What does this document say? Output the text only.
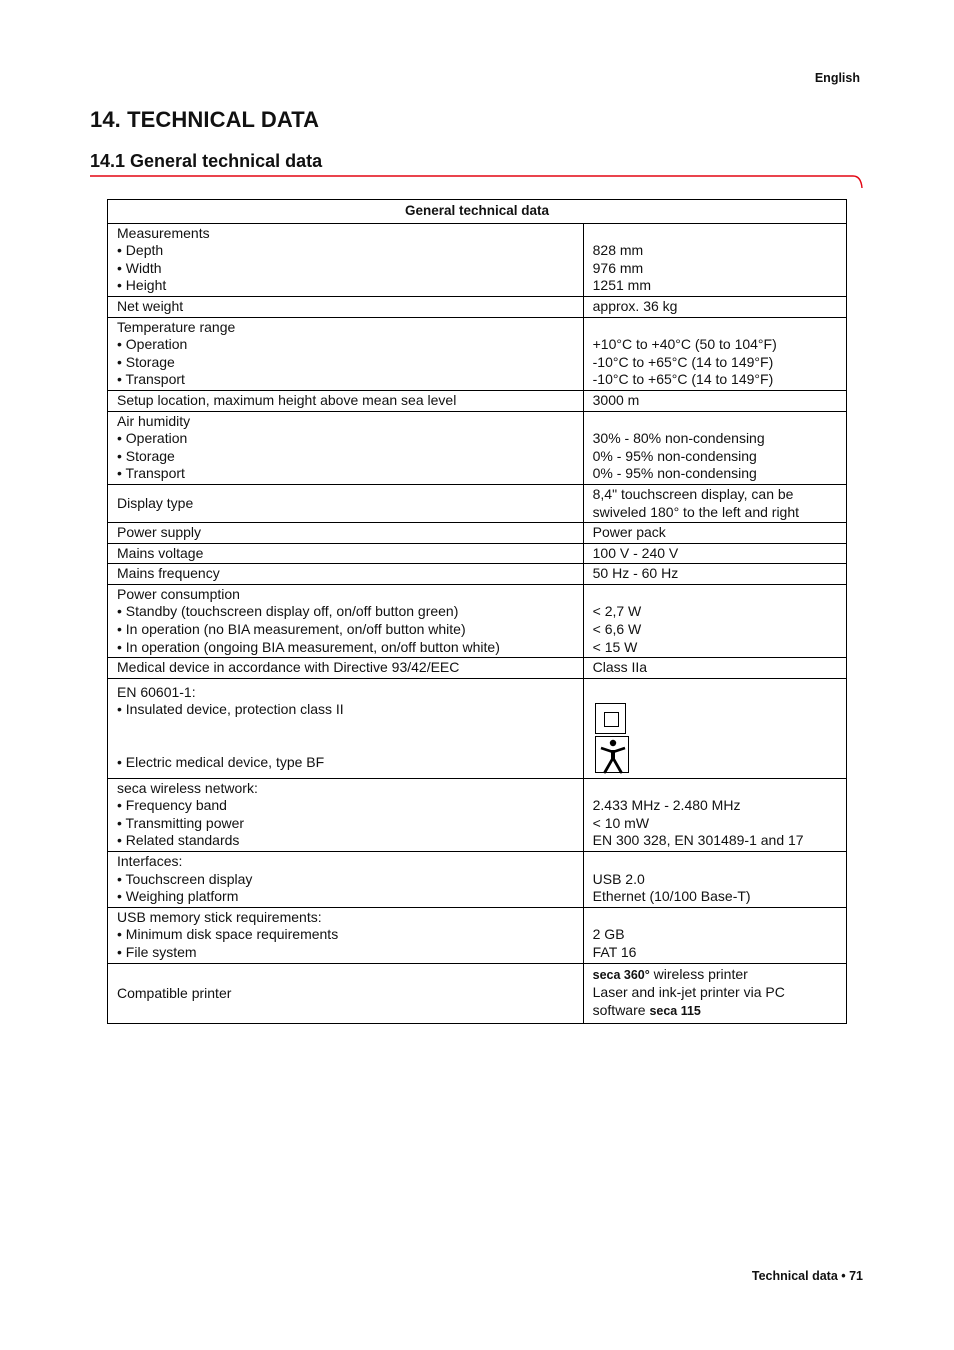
English
14. TECHNICAL DATA
14.1 General technical data
General technical data	

Measurements
• Depth
• Width
• Height	828 mm
976 mm
1251 mm

Net weight	approx. 36 kg

Temperature range
• Operation
• Storage
• Transport	+10°C to +40°C (50 to 104°F)
-10°C to +65°C (14 to 149°F)
-10°C to +65°C (14 to 149°F)

Setup location, maximum height above mean sea level	3000 m

Air humidity
• Operation
• Storage
• Transport	30% - 80% non-condensing
0% - 95% non-condensing
0% - 95% non-condensing

Display type	8,4" touchscreen display, can be
swiveled 180° to the left and right

Power supply	Power pack
Mains voltage	100 V - 240 V
Mains frequency	50 Hz - 60 Hz

Power consumption
• Standby (touchscreen display off, on/off button green)
• In operation (no BIA measurement, on/off button white)
• In operation (ongoing BIA measurement, on/off button white)	< 2,7 W
< 6,6 W
< 15 W

Medical device in accordance with Directive 93/42/EEC	Class IIa

EN 60601-1:
• Insulated device, protection class II
• Electric medical device, type BF

seca wireless network:
• Frequency band
• Transmitting power
• Related standards	2.433 MHz - 2.480 MHz
< 10 mW
EN 300 328, EN 301489-1 and 17

Interfaces:
• Touchscreen display
• Weighing platform	USB 2.0
Ethernet (10/100 Base-T)

USB memory stick requirements:
• Minimum disk space requirements
• File system	2 GB
FAT 16

Compatible printer	seca 360° wireless printer
Laser and ink-jet printer via PC
software seca 115
Technical data • 71
